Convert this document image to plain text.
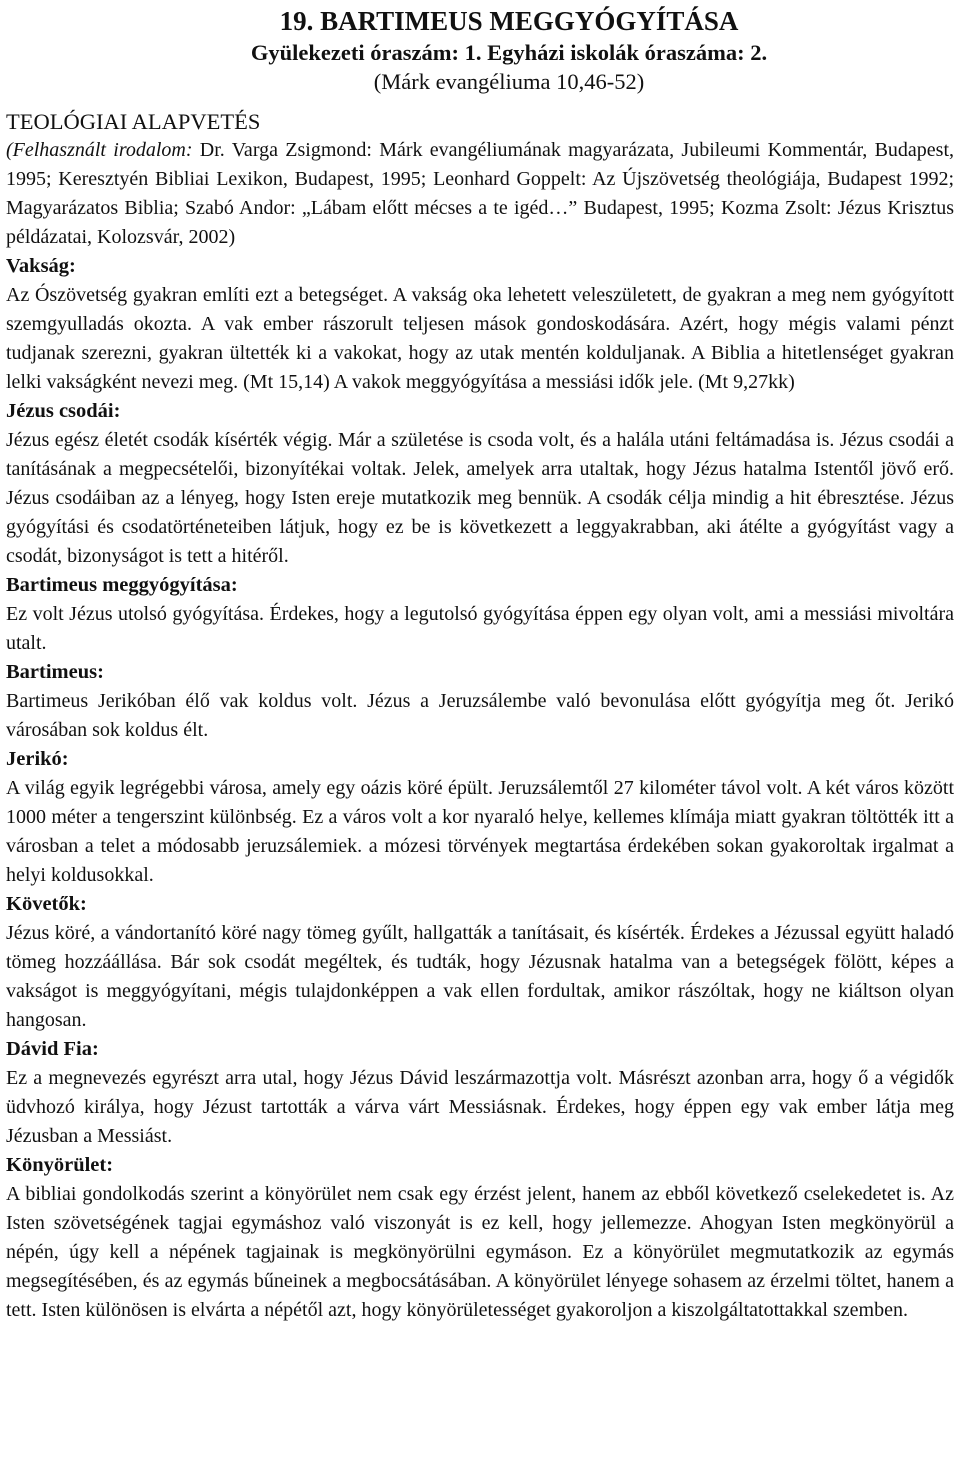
19. BARTIMEUS MEGGYÓGYÍTÁSA

Gyülekezeti óraszám: 1. Egyházi iskolák óraszáma: 2.

(Márk evangéliuma 10,46-52)

TEOLÓGIAI ALAPVETÉS

(Felhasznált irodalom: Dr. Varga Zsigmond: Márk evangéliumának magyarázata, Jubileumi Kommentár, Budapest, 1995; Keresztyén Bibliai Lexikon, Budapest, 1995; Leonhard Goppelt: Az Újszövetség theológiája, Budapest 1992; Magyarázatos Biblia; Szabó Andor: „Lábam előtt mécses a te igéd…” Budapest, 1995; Kozma Zsolt: Jézus Krisztus példázatai, Kolozsvár, 2002)

Vakság:

Az Ószövetség gyakran említi ezt a betegséget. A vakság oka lehetett veleszületett, de gyakran a meg nem gyógyított szemgyulladás okozta. A vak ember rászorult teljesen mások gondoskodására. Azért, hogy mégis valami pénzt tudjanak szerezni, gyakran ültették ki a vakokat, hogy az utak mentén kolduljanak. A Biblia a hitetlenséget gyakran lelki vakságként nevezi meg. (Mt 15,14) A vakok meggyógyítása a messiási idők jele. (Mt 9,27kk)

Jézus csodái:

Jézus egész életét csodák kísérték végig. Már a születése is csoda volt, és a halála utáni feltámadása is. Jézus csodái a tanításának a megpecsételői, bizonyítékai voltak. Jelek, amelyek arra utaltak, hogy Jézus hatalma Istentől jövő erő. Jézus csodáiban az a lényeg, hogy Isten ereje mutatkozik meg bennük. A csodák célja mindig a hit ébresztése. Jézus gyógyítási és csodatörténeteiben látjuk, hogy ez be is következett a leggyakrabban, aki átélte a gyógyítást vagy a csodát, bizonyságot is tett a hitéről.

Bartimeus meggyógyítása:

Ez volt Jézus utolsó gyógyítása. Érdekes, hogy a legutolsó gyógyítása éppen egy olyan volt, ami a messiási mivoltára utalt.

Bartimeus:

Bartimeus Jerikóban élő vak koldus volt. Jézus a Jeruzsálembe való bevonulása előtt gyógyítja meg őt. Jerikó városában sok koldus élt.

Jerikó:

A világ egyik legrégebbi városa, amely egy oázis köré épült. Jeruzsálemtől 27 kilométer távol volt. A két város között 1000 méter a tengerszint különbség. Ez a város volt a kor nyaraló helye, kellemes klímája miatt gyakran töltötték itt a városban a telet a módosabb jeruzsálemiek. a mózesi törvények megtartása érdekében sokan gyakoroltak irgalmat a helyi koldusokkal.

Követők:

Jézus köré, a vándortanító köré nagy tömeg gyűlt, hallgatták a tanításait, és kísérték. Érdekes a Jézussal együtt haladó tömeg hozzáállása. Bár sok csodát megéltek, és tudták, hogy Jézusnak hatalma van a betegségek fölött, képes a vakságot is meggyógyítani, mégis tulajdonképpen a vak ellen fordultak, amikor rászóltak, hogy ne kiáltson olyan hangosan.

Dávid Fia:

Ez a megnevezés egyrészt arra utal, hogy Jézus Dávid leszármazottja volt. Másrészt azonban arra, hogy ő a végidők üdvhozó királya, hogy Jézust tartották a várva várt Messiásnak. Érdekes, hogy éppen egy vak ember látja meg Jézusban a Messiást.

Könyörület:

A bibliai gondolkodás szerint a könyörület nem csak egy érzést jelent, hanem az ebből következő cselekedetet is. Az Isten szövetségének tagjai egymáshoz való viszonyát is ez kell, hogy jellemezze. Ahogyan Isten megkönyörül a népén, úgy kell a népének tagjainak is megkönyörülni egymáson. Ez a könyörület megmutatkozik az egymás megsegítésében, és az egymás bűneinek a megbocsátásában. A könyörület lényege sohasem az érzelmi töltet, hanem a tett. Isten különösen is elvárta a népétől azt, hogy könyörületességet gyakoroljon a kiszolgáltatottakkal szemben.
